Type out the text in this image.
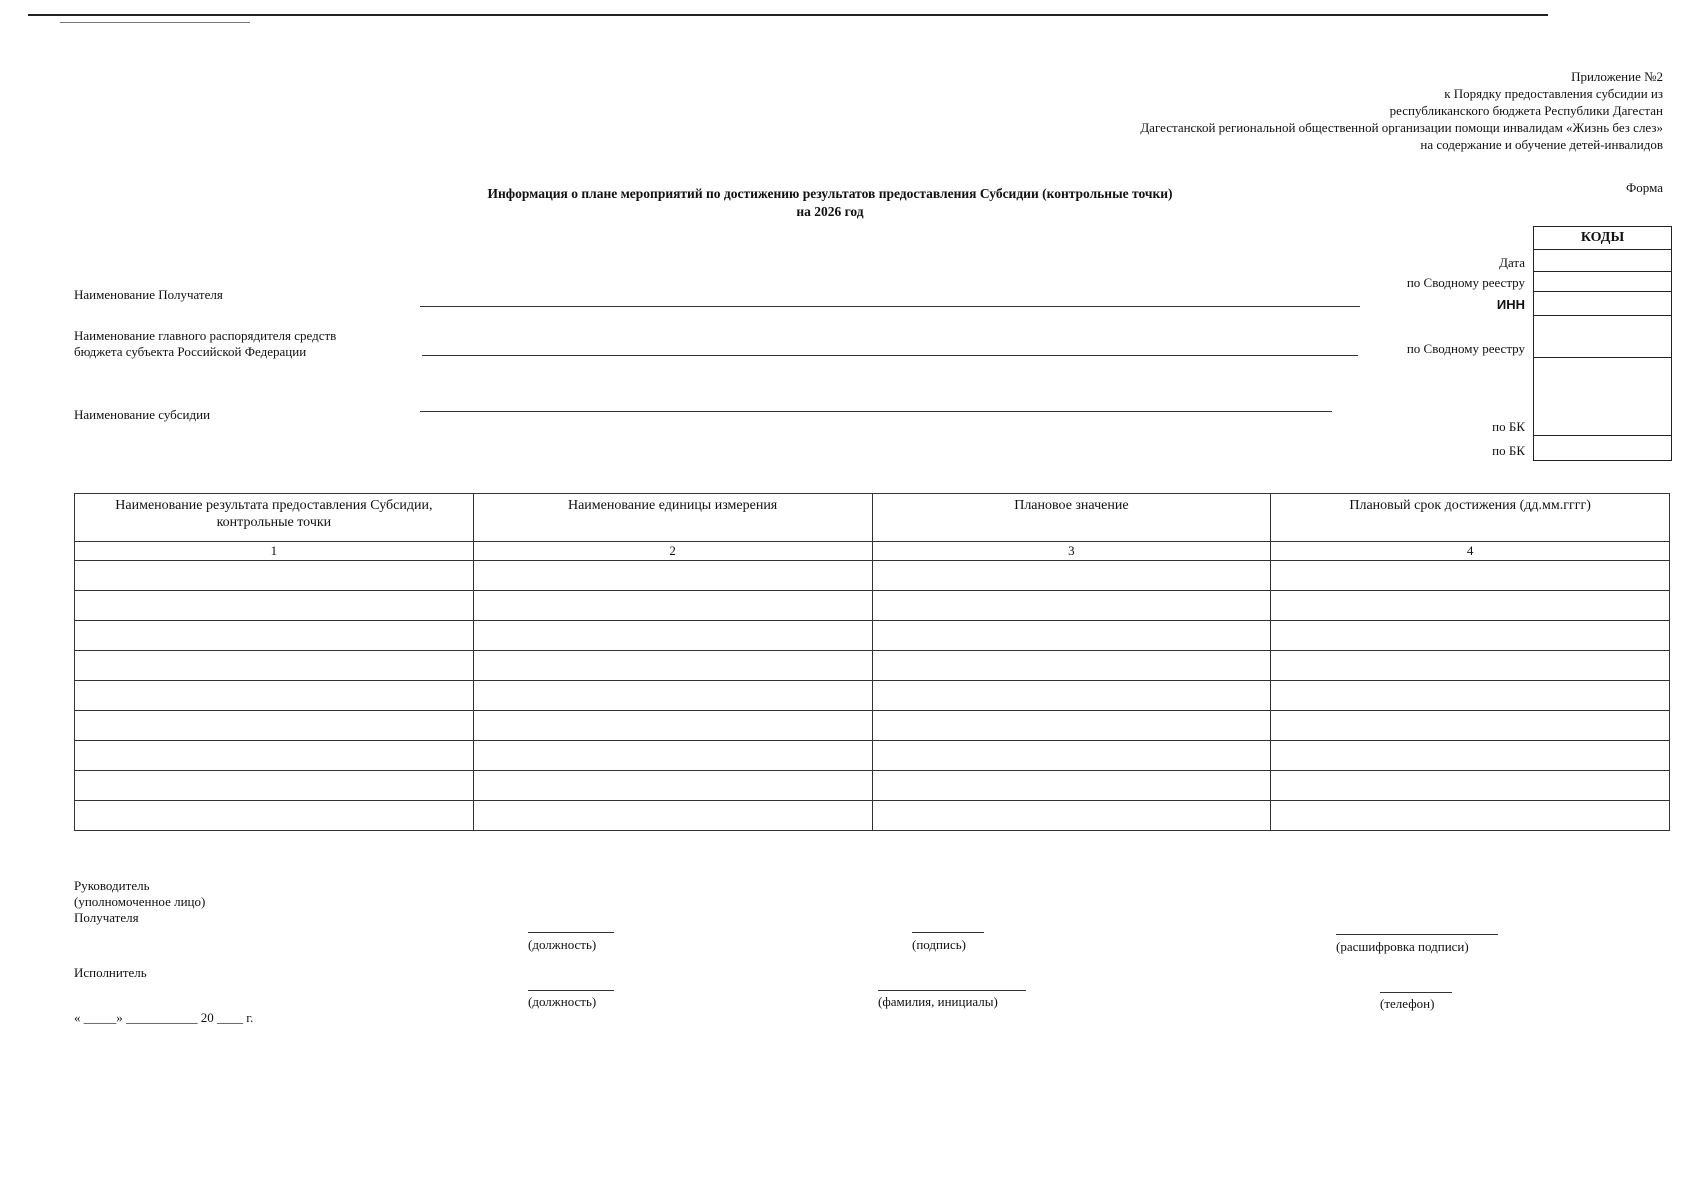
Приложение №2
к Порядку предоставления субсидии из
республиканского бюджета Республики Дагестан
Дагестанской региональной общественной организации помощи инвалидам «Жизнь без слез»
на содержание и обучение детей-инвалидов
Информация о плане мероприятий по достижению результатов предоставления Субсидии (контрольные точки)
на 2026 год
Форма
КОДЫ
Дата
по Сводному реестру
ИНН
по Сводному реестру
по БК
по БК
Наименование Получателя
Наименование главного распорядителя средств
бюджета субъекта Российской Федерации
Наименование субсидии
Наименование результата предоставления Субсидии, контрольные точки	Наименование единицы измерения	Плановое значение	Плановый срок достижения (дд.мм.гггг)
1	2	3	4

Руководитель
(уполномоченное лицо)
Получателя
(должность)	(подпись)	(расшифровка подписи)
Исполнитель
(должность)	(фамилия, инициалы)	(телефон)
« _____» ___________ 20 ____ г.
